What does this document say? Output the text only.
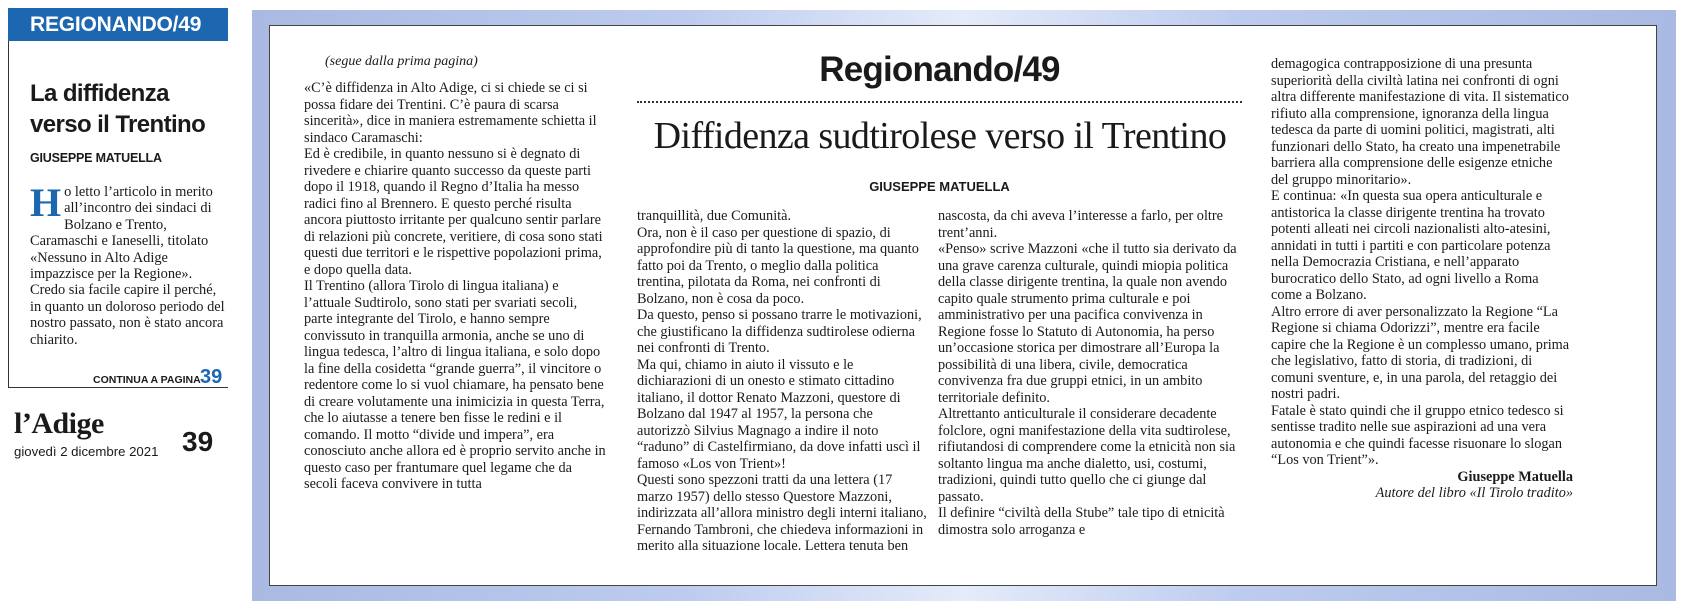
REGIONANDO/49
La diffidenza
verso il Trentino
GIUSEPPE MATUELLA
Ho letto l’articolo in merito all’incontro dei sindaci di Bolzano e Trento, Caramaschi e Ianeselli, titolato «Nessuno in Alto Adige impazzisce per la Regione». Credo sia facile capire il perché, in quanto un doloroso periodo del nostro passato, non è stato ancora chiarito.
CONTINUA A PAGINA 39
l’Adige
giovedì 2 dicembre 2021 39
(segue dalla prima pagina)	Regionando/49
Diffidenza sudtirolese verso il Trentino
GIUSEPPE MATUELLA

«C’è diffidenza in Alto Adige, ci si chiede se ci si possa fidare dei Trentini. C’è paura di scarsa sincerità», dice in maniera estremamente schietta il sindaco Caramaschi:

Ed è credibile, in quanto nessuno si è degnato di rivedere e chiarire quanto successo da queste parti dopo il 1918, quando il Regno d’Italia ha messo radici fino al Brennero. E questo perché risulta ancora piuttosto irritante per qualcuno sentir parlare di relazioni più concrete, veritiere, di cosa sono stati questi due territori e le rispettive popolazioni prima, e dopo quella data.

Il Trentino (allora Tirolo di lingua italiana) e l’attuale Sudtirolo, sono stati per svariati secoli, parte integrante del Tirolo, e hanno sempre convissuto in tranquilla armonia, anche se uno di lingua tedesca, l’altro di lingua italiana, e solo dopo la fine della cosidetta “grande guerra”, il vincitore o redentore come lo si vuol chiamare, ha pensato bene di creare volutamente una inimicizia in questa Terra, che lo aiutasse a tenere ben fisse le redini e il comando. Il motto “divide und impera”, era conosciuto anche allora ed è proprio servito anche in questo caso per frantumare quel legame che da secoli faceva convivere in tutta

tranquillità, due Comunità.

Ora, non è il caso per questione di spazio, di approfondire più di tanto la questione, ma quanto fatto poi da Trento, o meglio dalla politica trentina, pilotata da Roma, nei confronti di Bolzano, non è cosa da poco.

Da questo, penso si possano trarre le motivazioni, che giustificano la diffidenza sudtirolese odierna nei confronti di Trento.

Ma qui, chiamo in aiuto il vissuto e le dichiarazioni di un onesto e stimato cittadino italiano, il dottor Renato Mazzoni, questore di Bolzano dal 1947 al 1957, la persona che autorizzò Silvius Magnago a indire il noto “raduno” di Castelfirmiano, da dove infatti uscì il famoso «Los von Trient»!

Questi sono spezzoni tratti da una lettera (17 marzo 1957) dello stesso Questore Mazzoni, indirizzata all’allora ministro degli interni italiano, Fernando Tambroni, che chiedeva informazioni in merito alla situazione locale. Lettera tenuta ben

nascosta, da chi aveva l’interesse a farlo, per oltre trent’anni.

«Penso» scrive Mazzoni «che il tutto sia derivato da una grave carenza culturale, quindi miopia politica della classe dirigente trentina, la quale non avendo capito quale strumento prima culturale e poi amministrativo per una pacifica convivenza in Regione fosse lo Statuto di Autonomia, ha perso un’occasione storica per dimostrare all’Europa la possibilità di una libera, civile, democratica convivenza fra due gruppi etnici, in un ambito territoriale definito.

Altrettanto anticulturale il considerare decadente folclore, ogni manifestazione della vita sudtirolese, rifiutandosi di comprendere come la etnicità non sia soltanto lingua ma anche dialetto, usi, costumi, tradizioni, quindi tutto quello che ci giunge dal passato.

Il definire “civiltà della Stube” tale tipo di etnicità dimostra solo arroganza e

demagogica contrapposizione di una presunta superiorità della civiltà latina nei confronti di ogni altra differente manifestazione di vita. Il sistematico rifiuto alla comprensione, ignoranza della lingua tedesca da parte di uomini politici, magistrati, alti funzionari dello Stato, ha creato una impenetrabile barriera alla comprensione delle esigenze etniche del gruppo minoritario».

E continua: «In questa sua opera anticulturale e antistorica la classe dirigente trentina ha trovato potenti alleati nei circoli nazionalisti alto-atesini, annidati in tutti i partiti e con particolare potenza nella Democrazia Cristiana, e nell’apparato burocratico dello Stato, ad ogni livello a Roma come a Bolzano.

Altro errore di aver personalizzato la Regione “La Regione si chiama Odorizzi”, mentre era facile capire che la Regione è un complesso umano, prima che legislativo, fatto di storia, di tradizioni, di comuni sventure, e, in una parola, del retaggio dei nostri padri.

Fatale è stato quindi che il gruppo etnico tedesco si sentisse tradito nelle sue aspirazioni ad una vera autonomia e che quindi facesse risuonare lo slogan “Los von Trient”».

Giuseppe Matuella

Autore del libro «Il Tirolo tradito»
